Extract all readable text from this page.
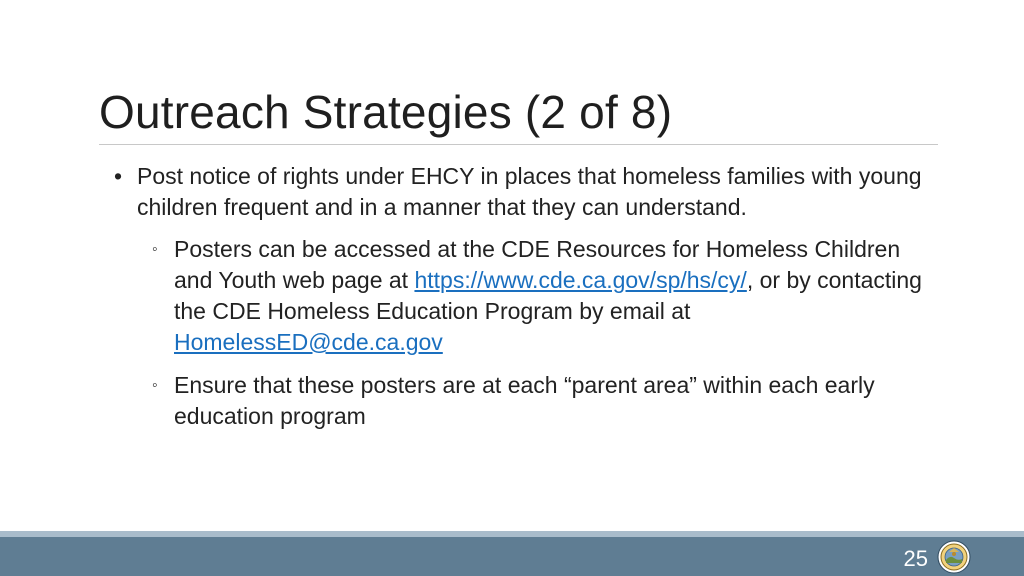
Outreach Strategies (2 of 8)
• Post notice of rights under EHCY in places that homeless families with young children frequent and in a manner that they can understand.
◦ Posters can be accessed at the CDE Resources for Homeless Children and Youth web page at https://www.cde.ca.gov/sp/hs/cy/, or by contacting the CDE Homeless Education Program by email at HomelessED@cde.ca.gov
◦ Ensure that these posters are at each “parent area” within each early education program
25
